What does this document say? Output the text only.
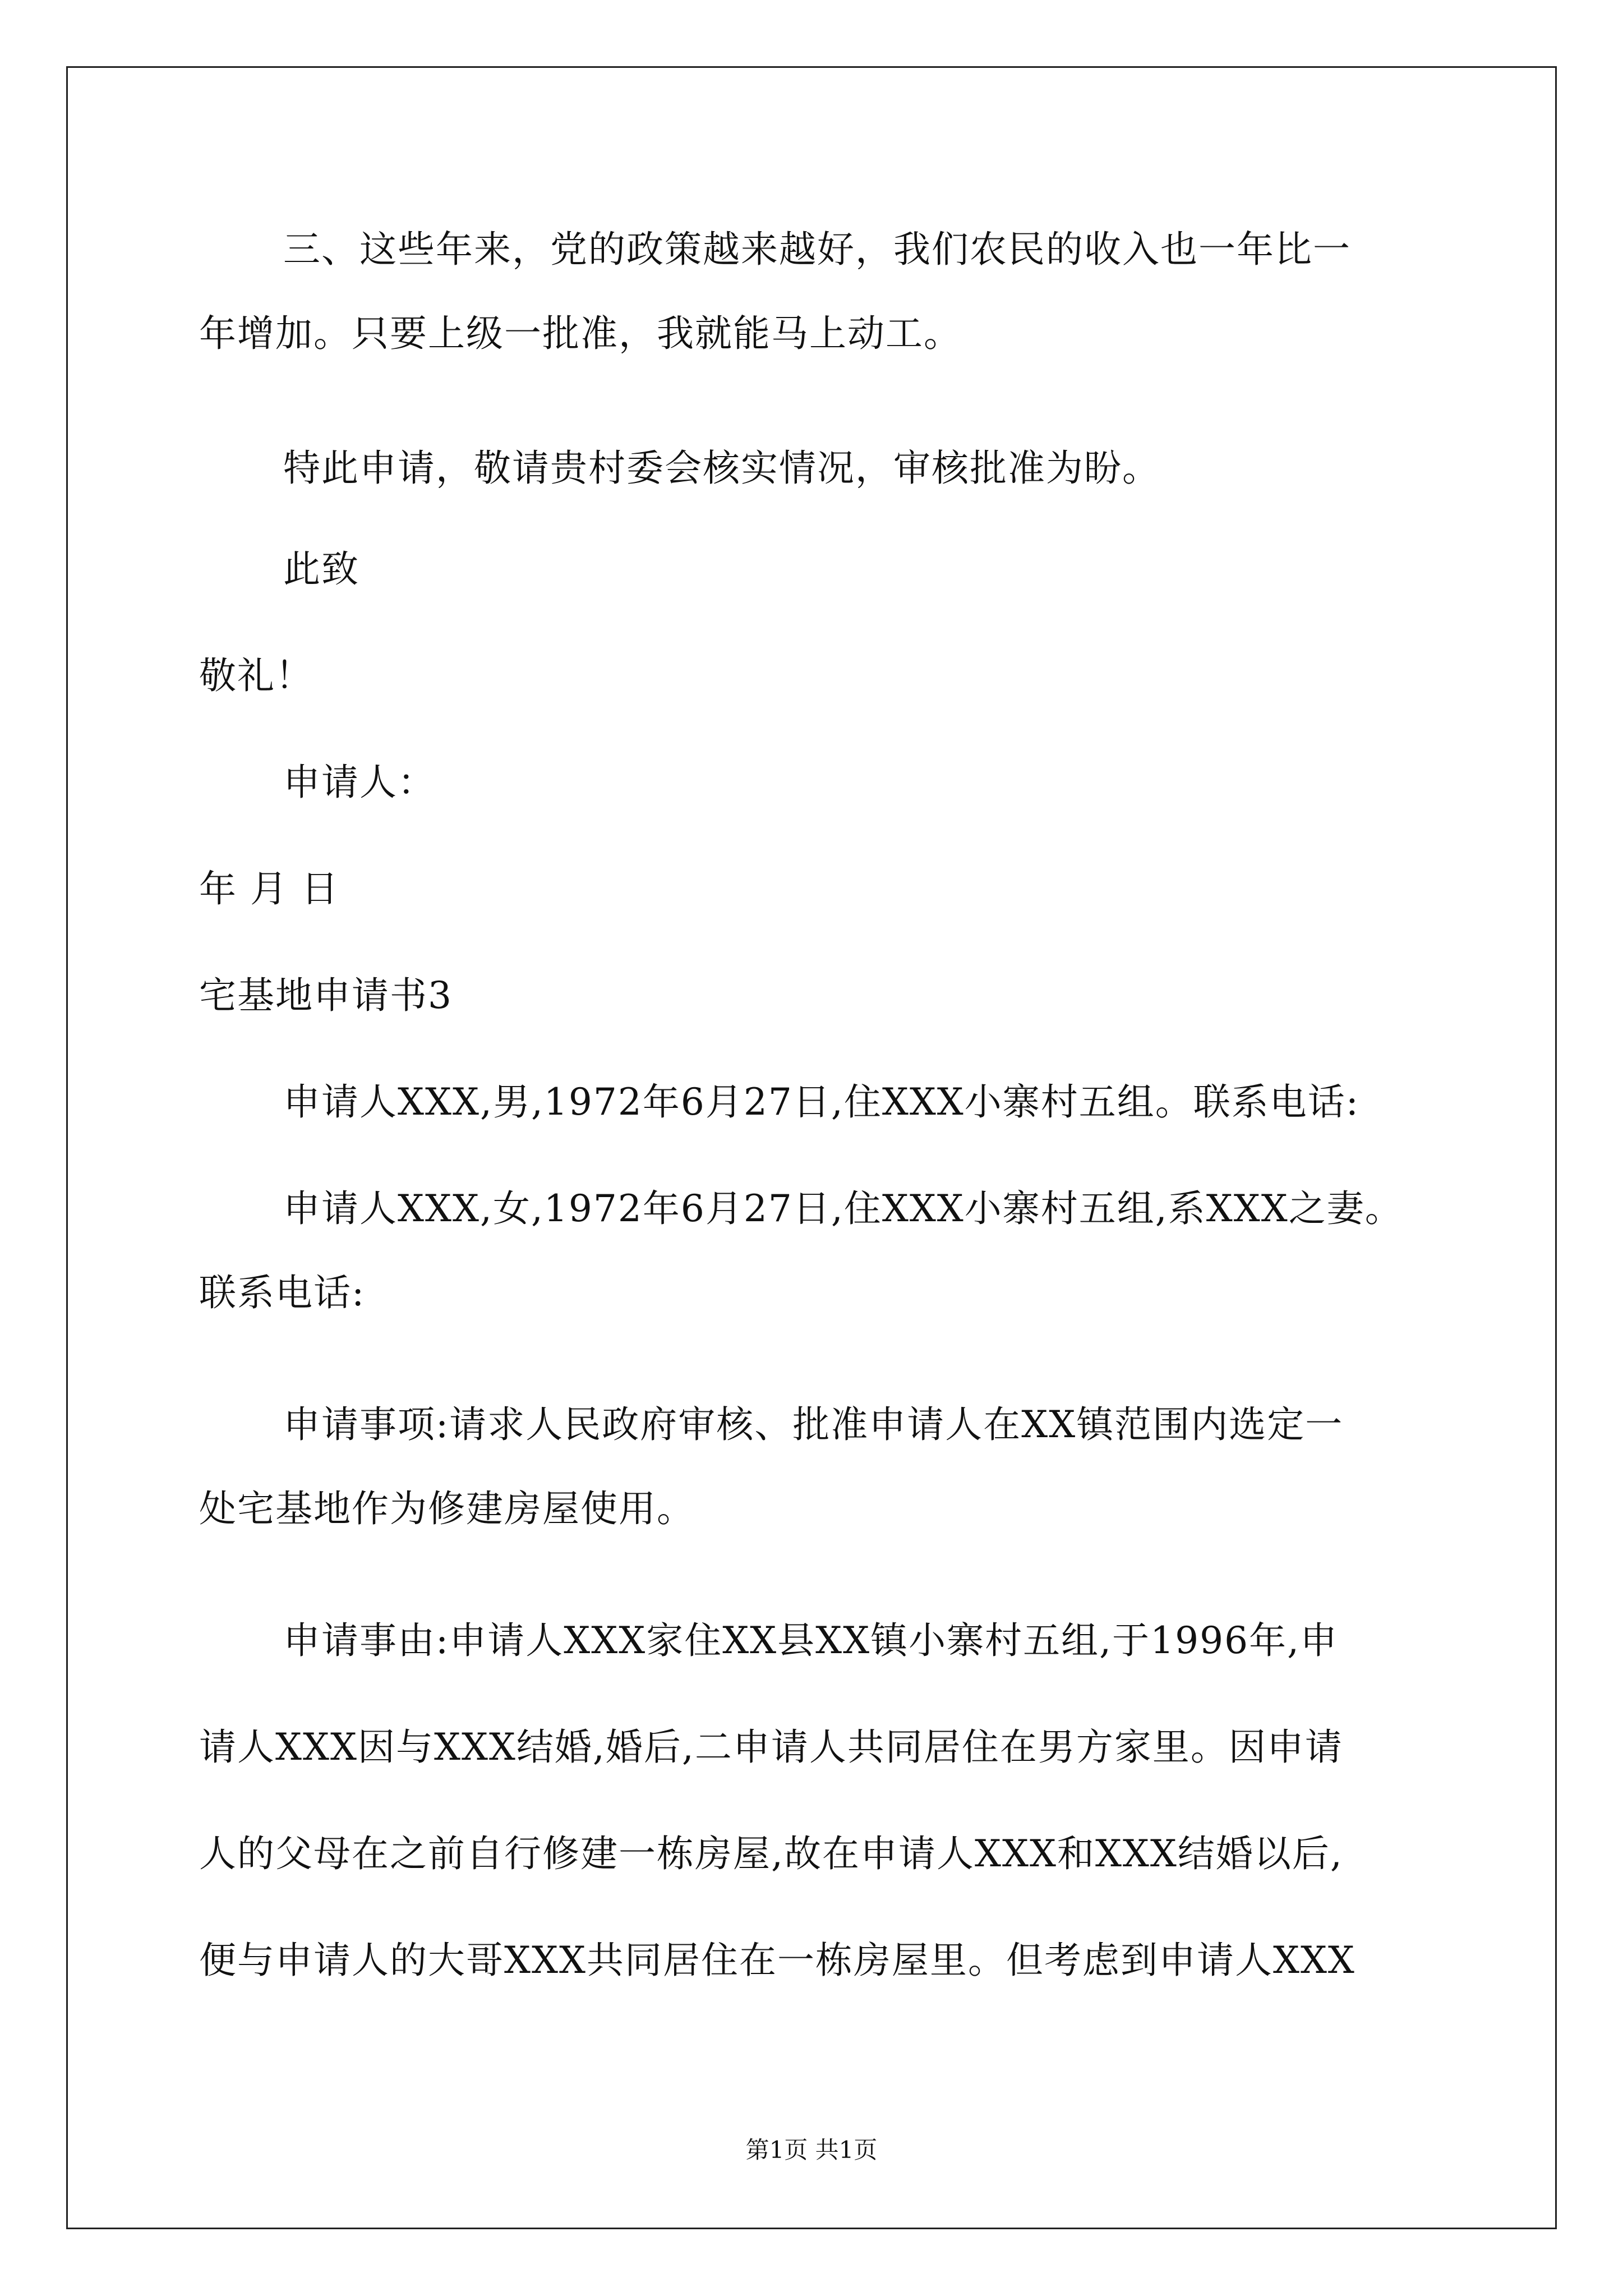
三、这些年来，党的政策越来越好，我们农民的收入也一年比一
年增加。只要上级一批准，我就能马上动工。
特此申请，敬请贵村委会核实情况，审核批准为盼。
此致
敬礼！
申请人：
年 月 日
宅基地申请书3
申请人XXX,男,1972年6月27日,住XXX小寨村五组。联系电话:
申请人XXX,女,1972年6月27日,住XXX小寨村五组,系XXX之妻。
联系电话:
申请事项:请求人民政府审核、批准申请人在XX镇范围内选定一
处宅基地作为修建房屋使用。
申请事由:申请人XXX家住XX县XX镇小寨村五组,于1996年,申
请人XXX因与XXX结婚,婚后,二申请人共同居住在男方家里。因申请
人的父母在之前自行修建一栋房屋,故在申请人XXX和XXX结婚以后,
便与申请人的大哥XXX共同居住在一栋房屋里。但考虑到申请人XXX
第1页 共1页
